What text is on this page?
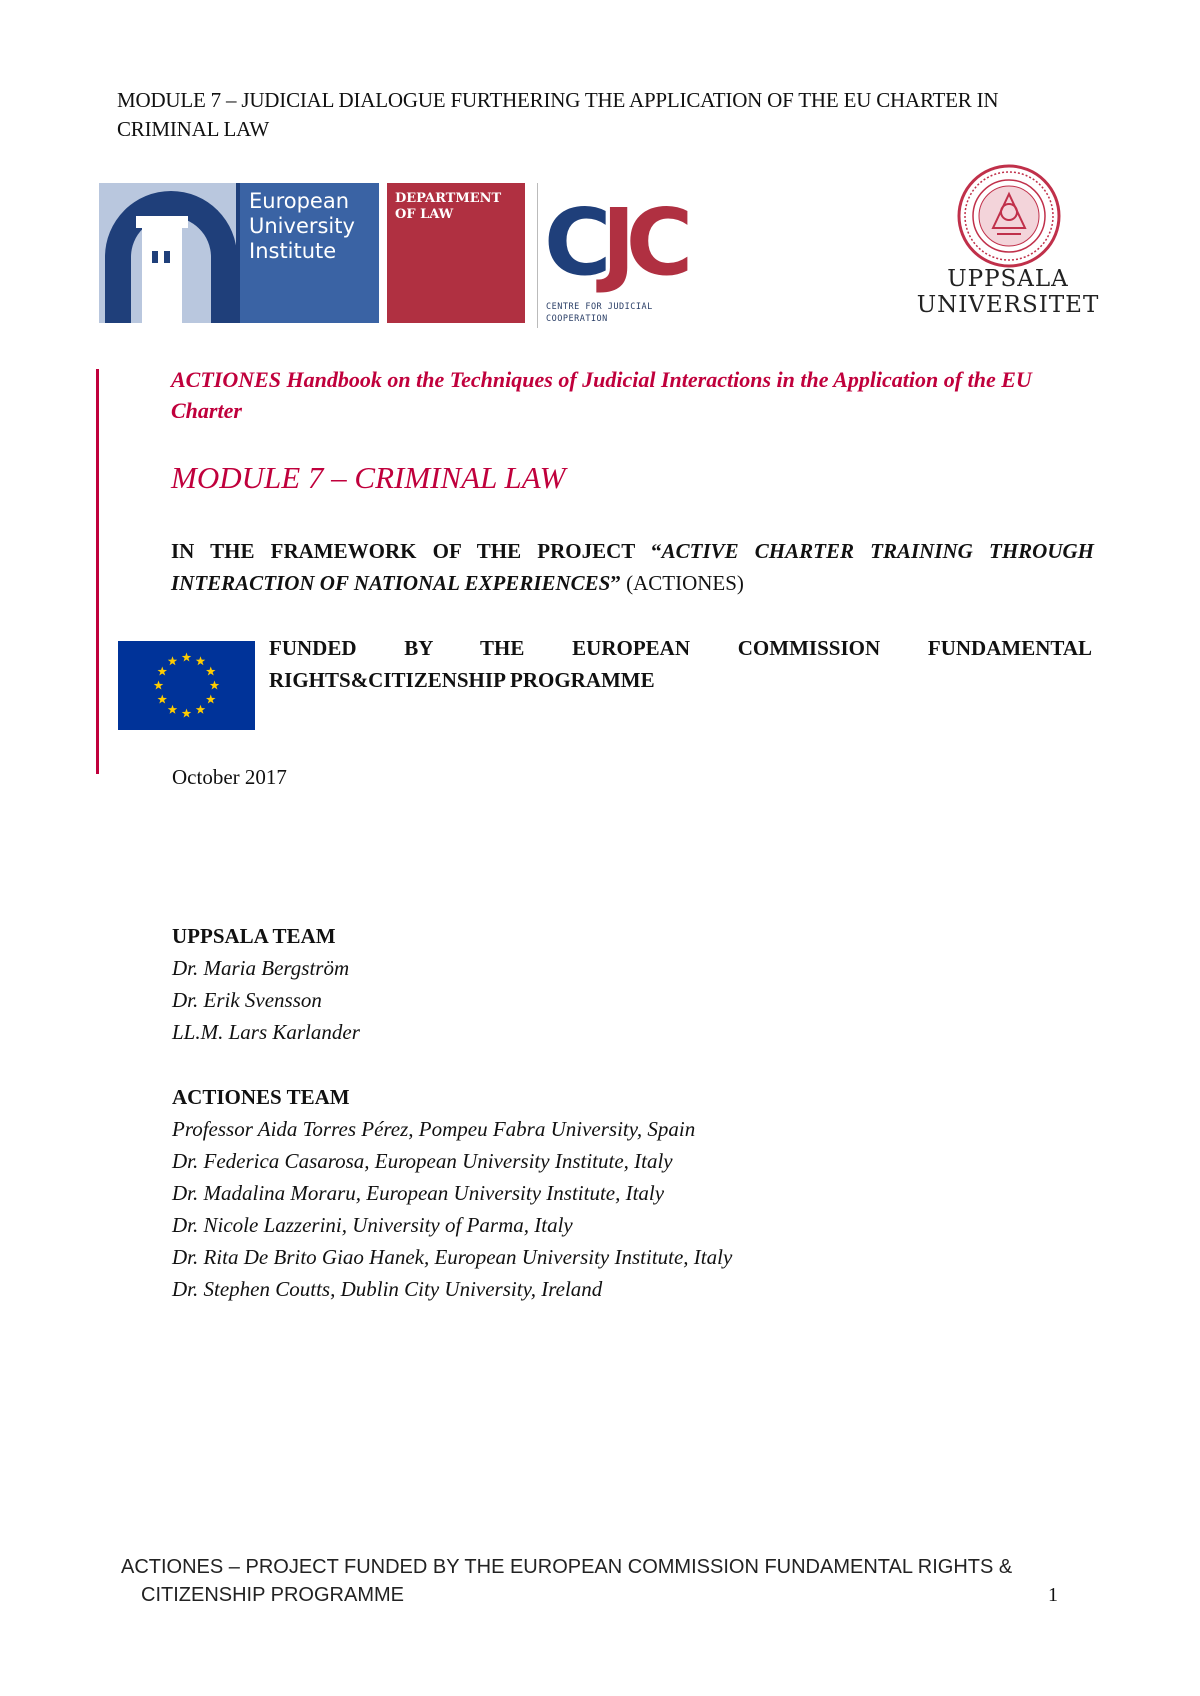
MODULE 7 – JUDICIAL DIALOGUE FURTHERING THE APPLICATION OF THE EU CHARTER IN CRIMINAL LAW
European University Institute
DEPARTMENT OF LAW CJC
CENTRE FOR JUDICIAL COOPERATION
UPPSALA
UNIVERSITET
ACTIONES Handbook on the Techniques of Judicial Interactions in the Application of the EU Charter
MODULE 7 – CRIMINAL LAW
IN THE FRAMEWORK OF THE PROJECT “ACTIVE CHARTER TRAINING THROUGH INTERACTION OF NATIONAL EXPERIENCES” (ACTIONES)
FUNDED BY THE EUROPEAN COMMISSION FUNDAMENTAL
RIGHTS&CITIZENSHIP PROGRAMME
October 2017
UPPSALA TEAM
Dr. Maria Bergström
Dr. Erik Svensson
LL.M. Lars Karlander
ACTIONES TEAM
Professor Aida Torres Pérez, Pompeu Fabra University, Spain
Dr. Federica Casarosa, European University Institute, Italy
Dr. Madalina Moraru, European University Institute, Italy
Dr. Nicole Lazzerini, University of Parma, Italy
Dr. Rita De Brito Giao Hanek, European University Institute, Italy
Dr. Stephen Coutts, Dublin City University, Ireland
ACTIONES – PROJECT FUNDED BY THE EUROPEAN COMMISSION FUNDAMENTAL RIGHTS &
CITIZENSHIP PROGRAMME	1
